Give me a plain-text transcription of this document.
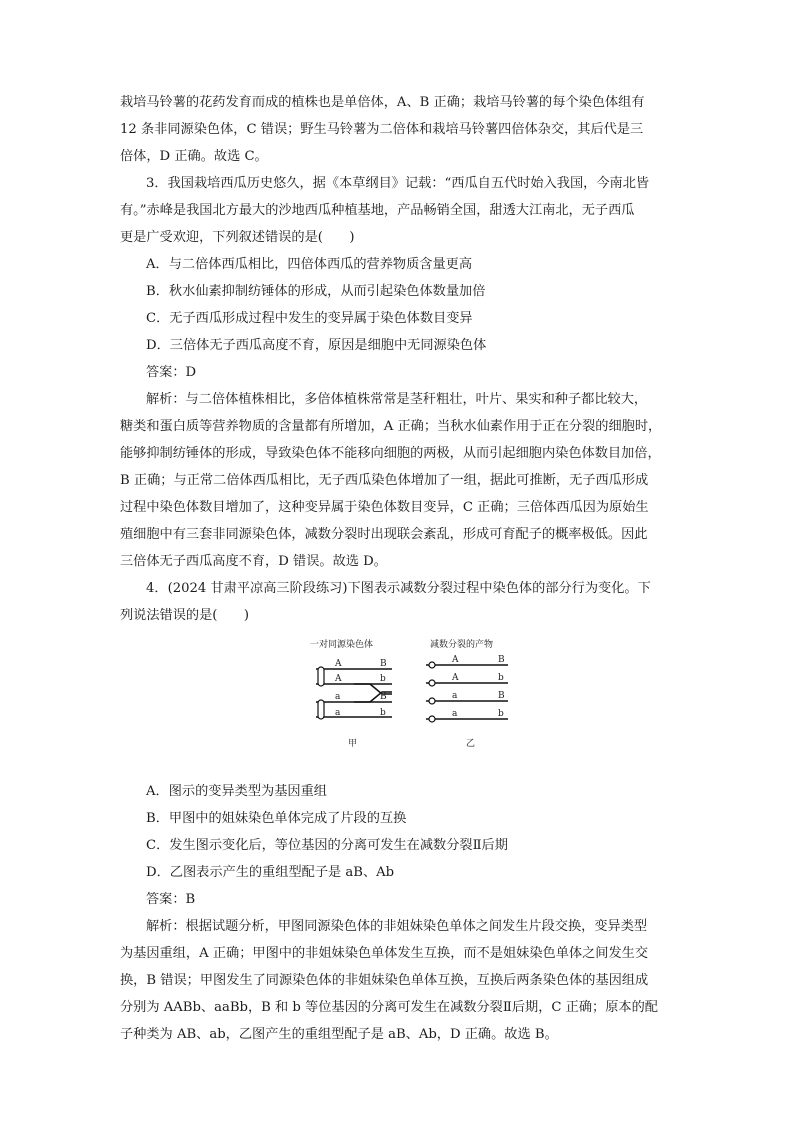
栽培马铃薯的花药发育而成的植株也是单倍体，A、B 正确；栽培马铃薯的每个染色体组有
12 条非同源染色体，C 错误；野生马铃薯为二倍体和栽培马铃薯四倍体杂交，其后代是三
倍体，D 正确。故选 C。
3．我国栽培西瓜历史悠久，据《本草纲目》记载：“西瓜自五代时始入我国，今南北皆
有。”赤峰是我国北方最大的沙地西瓜种植基地，产品畅销全国，甜透大江南北，无子西瓜
更是广受欢迎，下列叙述错误的是(　　)
A．与二倍体西瓜相比，四倍体西瓜的营养物质含量更高
B．秋水仙素抑制纺锤体的形成，从而引起染色体数量加倍
C．无子西瓜形成过程中发生的变异属于染色体数目变异
D．三倍体无子西瓜高度不育，原因是细胞中无同源染色体
答案：D
解析：与二倍体植株相比，多倍体植株常常是茎秆粗壮，叶片、果实和种子都比较大，
糖类和蛋白质等营养物质的含量都有所增加，A 正确；当秋水仙素作用于正在分裂的细胞时，
能够抑制纺锤体的形成，导致染色体不能移向细胞的两极，从而引起细胞内染色体数目加倍，
B 正确；与正常二倍体西瓜相比，无子西瓜染色体增加了一组，据此可推断，无子西瓜形成
过程中染色体数目增加了，这种变异属于染色体数目变异，C 正确；三倍体西瓜因为原始生
殖细胞中有三套非同源染色体，减数分裂时出现联会紊乱，形成可育配子的概率极低。因此
三倍体无子西瓜高度不育，D 错误。故选 D。
4．(2024 甘肃平凉高三阶段练习)下图表示减数分裂过程中染色体的部分行为变化。下
列说法错误的是(　　)
一对同源染色体	减数分裂的产物
A	B
A	b
a	B
a	b
A	B
A	b
a	B
a	b
甲	乙
A．图示的变异类型为基因重组
B．甲图中的姐妹染色单体完成了片段的互换
C．发生图示变化后，等位基因的分离可发生在减数分裂Ⅱ后期
D．乙图表示产生的重组型配子是 aB、Ab
答案：B
解析：根据试题分析，甲图同源染色体的非姐妹染色单体之间发生片段交换，变异类型
为基因重组，A 正确；甲图中的非姐妹染色单体发生互换，而不是姐妹染色单体之间发生交
换，B 错误；甲图发生了同源染色体的非姐妹染色单体互换，互换后两条染色体的基因组成
分别为 AABb、aaBb，B 和 b 等位基因的分离可发生在减数分裂Ⅱ后期，C 正确；原本的配
子种类为 AB、ab，乙图产生的重组型配子是 aB、Ab，D 正确。故选 B。
